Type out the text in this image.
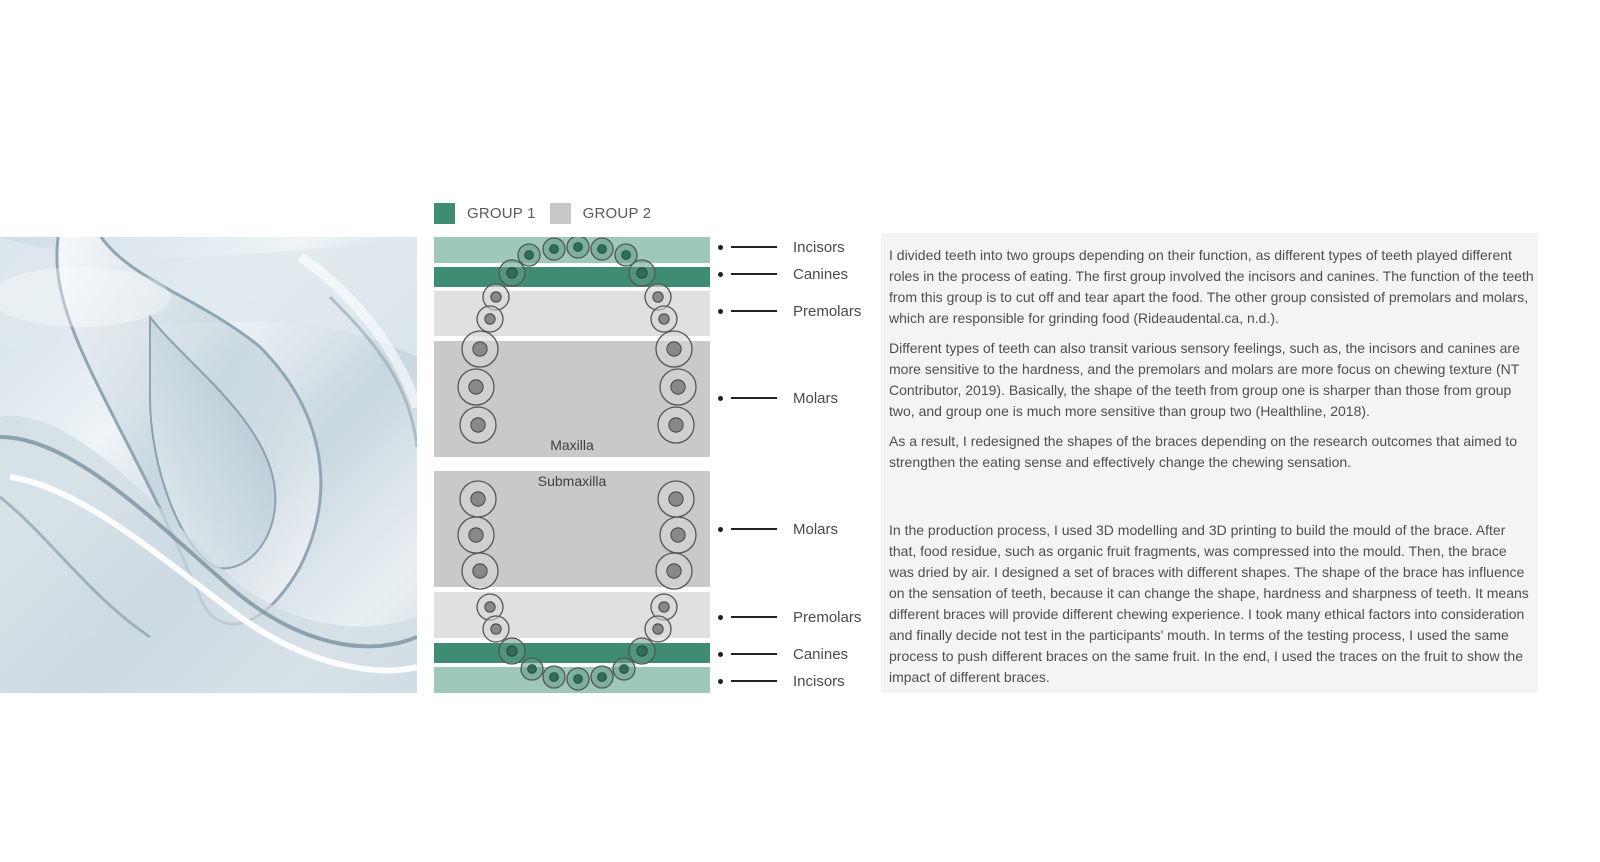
GROUP 1	GROUP 2
Maxilla
Submaxilla
Incisors
Canines
Premolars
Molars
Molars
Premolars
Canines
Incisors

I divided teeth into two groups depending on their function, as different types of teeth played different roles in the process of eating. The first group involved the incisors and canines. The function of the teeth from this group is to cut off and tear apart the food. The other group consisted of premolars and molars, which are responsible for grinding food (Rideaudental.ca, n.d.).

Different types of teeth can also transit various sensory feelings, such as, the incisors and canines are more sensitive to the hardness, and the premolars and molars are more focus on chewing texture (NT Contributor, 2019). Basically, the shape of the teeth from group one is sharper than those from group two, and group one is much more sensitive than group two (Healthline, 2018).

As a result, I redesigned the shapes of the braces depending on the research outcomes that aimed to strengthen the eating sense and effectively change the chewing sensation.

In the production process, I used 3D modelling and 3D printing to build the mould of the brace. After that, food residue, such as organic fruit fragments, was compressed into the mould. Then, the brace was dried by air. I designed a set of braces with different shapes. The shape of the brace has influence on the sensation of teeth, because it can change the shape, hardness and sharpness of teeth. It means different braces will provide different chewing experience. I took many ethical factors into consideration and finally decide not test in the participants' mouth. In terms of the testing process, I used the same process to push different braces on the same fruit. In the end, I used the traces on the fruit to show the impact of different braces.
